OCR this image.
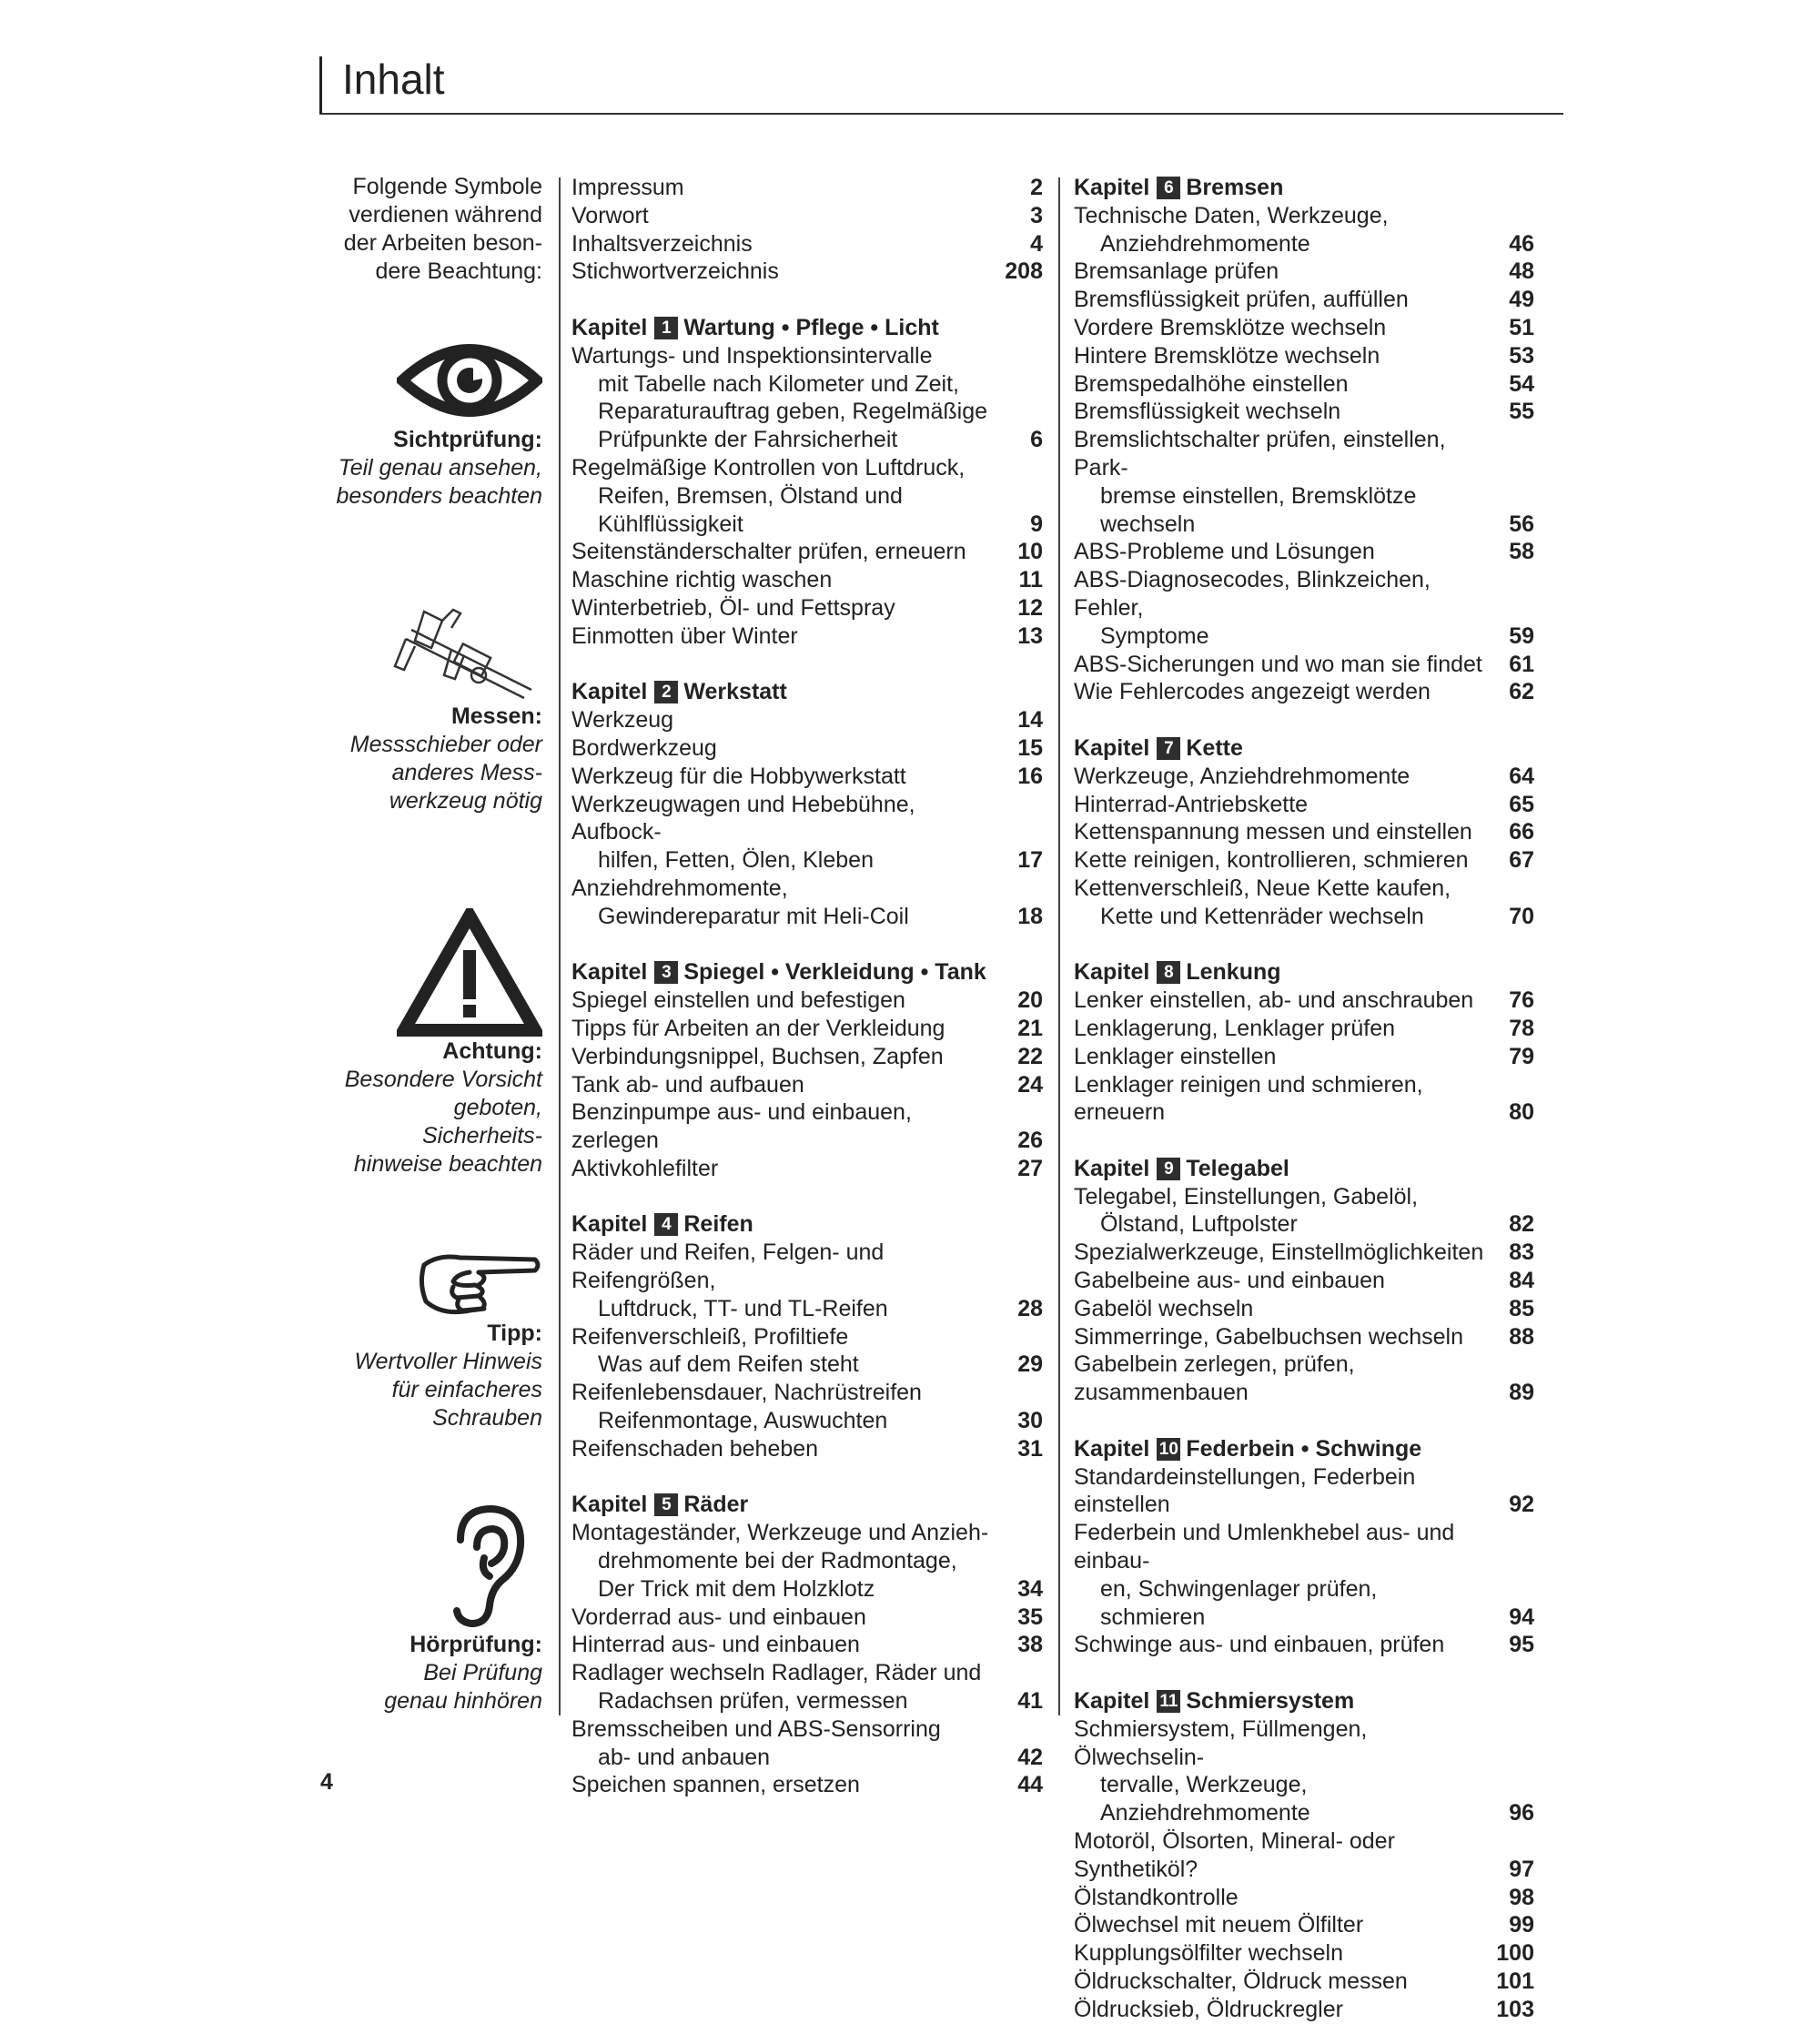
Inhalt
Folgende Symbole
verdienen während
der Arbeiten beson-
dere Beachtung:
Sichtprüfung:
Teil genau ansehen,
besonders beachten
Messen:
Messschieber oder
anderes Mess-
werkzeug nötig
Achtung:
Besondere Vorsicht
geboten, Sicherheits-
hinweise beachten
Tipp:
Wertvoller Hinweis
für einfacheres
Schrauben
Hörprüfung:
Bei Prüfung
genau hinhören
Impressum	2
Vorwort	3
Inhaltsverzeichnis	4
Stichwortverzeichnis	208
Kapitel 1 Wartung • Pflege • Licht
Wartungs- und Inspektionsintervalle
mit Tabelle nach Kilometer und Zeit,
Reparaturauftrag geben, Regelmäßige
Prüfpunkte der Fahrsicherheit	6
Regelmäßige Kontrollen von Luftdruck,
Reifen, Bremsen, Ölstand und
Kühlflüssigkeit	9
Seitenständerschalter prüfen, erneuern	10
Maschine richtig waschen	11
Winterbetrieb, Öl- und Fettspray	12
Einmotten über Winter	13
Kapitel 2 Werkstatt
Werkzeug	14
Bordwerkzeug	15
Werkzeug für die Hobbywerkstatt	16
Werkzeugwagen und Hebebühne, Aufbock-
hilfen, Fetten, Ölen, Kleben	17
Anziehdrehmomente,
Gewindereparatur mit Heli-Coil	18
Kapitel 3 Spiegel • Verkleidung • Tank
Spiegel einstellen und befestigen	20
Tipps für Arbeiten an der Verkleidung	21
Verbindungsnippel, Buchsen, Zapfen	22
Tank ab- und aufbauen	24
Benzinpumpe aus- und einbauen, zerlegen	26
Aktivkohlefilter	27
Kapitel 4 Reifen
Räder und Reifen, Felgen- und Reifengrößen,
Luftdruck, TT- und TL-Reifen	28
Reifenverschleiß, Profiltiefe
Was auf dem Reifen steht	29
Reifenlebensdauer, Nachrüstreifen
Reifenmontage, Auswuchten	30
Reifenschaden beheben	31
Kapitel 5 Räder
Montageständer, Werkzeuge und Anzieh-
drehmomente bei der Radmontage,
Der Trick mit dem Holzklotz	34
Vorderrad aus- und einbauen	35
Hinterrad aus- und einbauen	38
Radlager wechseln Radlager, Räder und
Radachsen prüfen, vermessen	41
Bremsscheiben und ABS-Sensorring
ab- und anbauen	42
Speichen spannen, ersetzen	44
Kapitel 6 Bremsen
Technische Daten, Werkzeuge,
Anziehdrehmomente	46
Bremsanlage prüfen	48
Bremsflüssigkeit prüfen, auffüllen	49
Vordere Bremsklötze wechseln	51
Hintere Bremsklötze wechseln	53
Bremspedalhöhe einstellen	54
Bremsflüssigkeit wechseln	55
Bremslichtschalter prüfen, einstellen, Park-
bremse einstellen, Bremsklötze wechseln	56
ABS-Probleme und Lösungen	58
ABS-Diagnosecodes, Blinkzeichen, Fehler,
Symptome	59
ABS-Sicherungen und wo man sie findet	61
Wie Fehlercodes angezeigt werden	62
Kapitel 7 Kette
Werkzeuge, Anziehdrehmomente	64
Hinterrad-Antriebskette	65
Kettenspannung messen und einstellen	66
Kette reinigen, kontrollieren, schmieren	67
Kettenverschleiß, Neue Kette kaufen,
Kette und Kettenräder wechseln	70
Kapitel 8 Lenkung
Lenker einstellen, ab- und anschrauben	76
Lenklagerung, Lenklager prüfen	78
Lenklager einstellen	79
Lenklager reinigen und schmieren, erneuern	80
Kapitel 9 Telegabel
Telegabel, Einstellungen, Gabelöl,
Ölstand, Luftpolster	82
Spezialwerkzeuge, Einstellmöglichkeiten	83
Gabelbeine aus- und einbauen	84
Gabelöl wechseln	85
Simmerringe, Gabelbuchsen wechseln	88
Gabelbein zerlegen, prüfen, zusammenbauen	89
Kapitel 10 Federbein • Schwinge
Standardeinstellungen, Federbein einstellen	92
Federbein und Umlenkhebel aus- und einbau-
en, Schwingenlager prüfen, schmieren	94
Schwinge aus- und einbauen, prüfen	95
Kapitel 11 Schmiersystem
Schmiersystem, Füllmengen, Ölwechselin-
tervalle, Werkzeuge, Anziehdrehmomente	96
Motoröl, Ölsorten, Mineral- oder Synthetiköl?	97
Ölstandkontrolle	98
Ölwechsel mit neuem Ölfilter	99
Kupplungsölfilter wechseln	100
Öldruckschalter, Öldruck messen	101
Öldrucksieb, Öldruckregler	103
4
